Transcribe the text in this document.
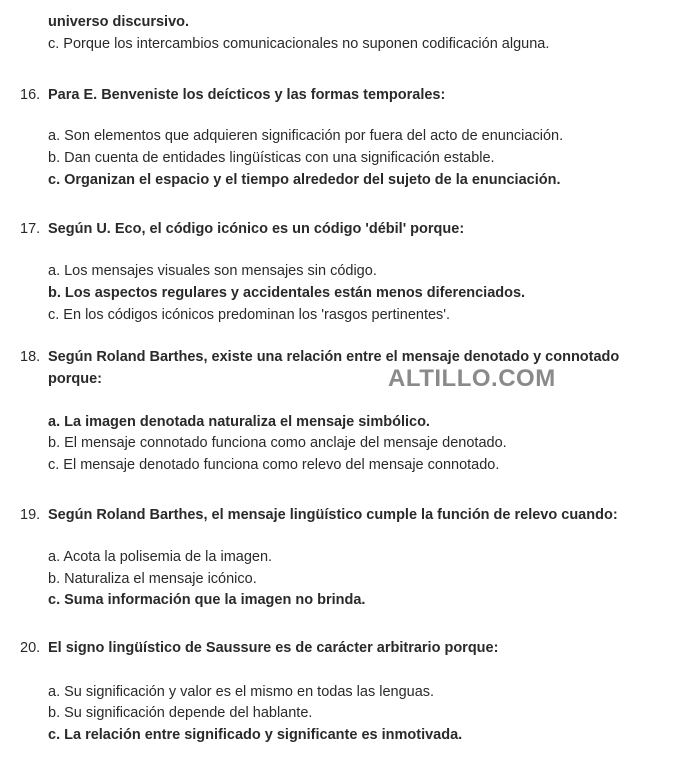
universo discursivo.
c. Porque los intercambios comunicacionales no suponen codificación alguna.
16. Para E. Benveniste los deícticos y las formas temporales:
a. Son elementos que adquieren significación por fuera del acto de enunciación.
b. Dan cuenta de entidades lingüísticas con una significación estable.
c. Organizan el espacio y el tiempo alrededor del sujeto de la enunciación.
17. Según U. Eco, el código icónico es un código 'débil' porque:
a. Los mensajes visuales son mensajes sin código.
b. Los aspectos regulares y accidentales están menos diferenciados.
c. En los códigos icónicos predominan los 'rasgos pertinentes'.
18. Según Roland Barthes, existe una relación entre el mensaje denotado y connotado
porque:
a. La imagen denotada naturaliza el mensaje simbólico.
b. El mensaje connotado funciona como anclaje del mensaje denotado.
c. El mensaje denotado funciona como relevo del mensaje connotado.
ALTILLO.COM
19. Según Roland Barthes, el mensaje lingüístico cumple la función de relevo cuando:
a. Acota la polisemia de la imagen.
b. Naturaliza el mensaje icónico.
c. Suma información que la imagen no brinda.
20. El signo lingüístico de Saussure es de carácter arbitrario porque:
a. Su significación y valor es el mismo en todas las lenguas.
b. Su significación depende del hablante.
c. La relación entre significado y significante es inmotivada.
